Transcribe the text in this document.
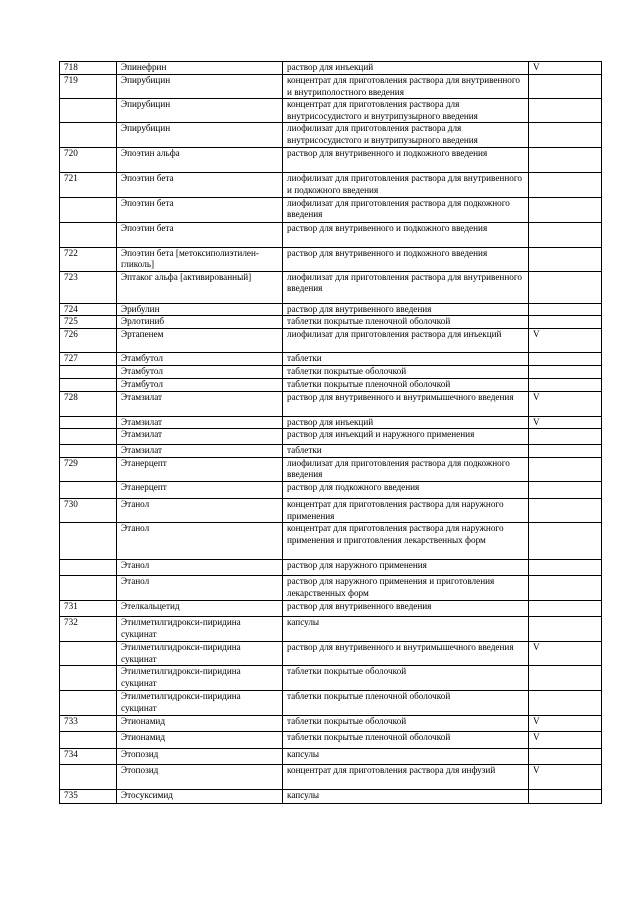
718	Эпинефрин	раствор для инъекций	V
719	Эпирубицин	концентрат для приготовления раствора для внутривенного и внутриполостного введения	
	Эпирубицин	концентрат для приготовления раствора для внутрисосудистого и внутрипузырного введения	
	Эпирубицин	лиофилизат для приготовления раствора для внутрисосудистого и внутрипузырного введения	
720	Эпоэтин альфа	раствор для внутривенного и подкожного введения	
721	Эпоэтин бета	лиофилизат для приготовления раствора для внутривенного и подкожного введения	
	Эпоэтин бета	лиофилизат для приготовления раствора для подкожного введения	
	Эпоэтин бета	раствор для внутривенного и подкожного введения	
722	Эпоэтин бета [метоксиполиэтилен-гликоль]	раствор для внутривенного и подкожного введения	
723	Эптаког альфа [активированный]	лиофилизат для приготовления раствора для внутривенного введения	
724	Эрибулин	раствор для внутривенного введения	
725	Эрлотиниб	таблетки покрытые пленочной оболочкой	
726	Эртапенем	лиофилизат для приготовления раствора для инъекций	V
727	Этамбутол	таблетки	
	Этамбутол	таблетки покрытые оболочкой	
	Этамбутол	таблетки покрытые пленочной оболочкой	
728	Этамзилат	раствор для внутривенного и внутримышечного введения	V
	Этамзилат	раствор для инъекций	V
	Этамзилат	раствор для инъекций и наружного применения	
	Этамзилат	таблетки	
729	Этанерцепт	лиофилизат для приготовления раствора для подкожного введения	
	Этанерцепт	раствор для подкожного введения	
730	Этанол	концентрат для приготовления раствора для наружного применения	
	Этанол	концентрат для приготовления раствора для наружного применения и приготовления лекарственных форм	
	Этанол	раствор для наружного применения	
	Этанол	раствор для наружного применения и приготовления лекарственных форм	
731	Этелкальцетид	раствор для внутривенного введения	
732	Этилметилгидрокси-пиридина сукцинат	капсулы	
	Этилметилгидрокси-пиридина сукцинат	раствор для внутривенного и внутримышечного введения	V
	Этилметилгидрокси-пиридина сукцинат	таблетки покрытые оболочкой	
	Этилметилгидрокси-пиридина сукцинат	таблетки покрытые пленочной оболочкой	
733	Этионамид	таблетки покрытые оболочкой	V
	Этионамид	таблетки покрытые пленочной оболочкой	V
734	Этопозид	капсулы	
	Этопозид	концентрат для приготовления раствора для инфузий	V
735	Этосуксимид	капсулы	
